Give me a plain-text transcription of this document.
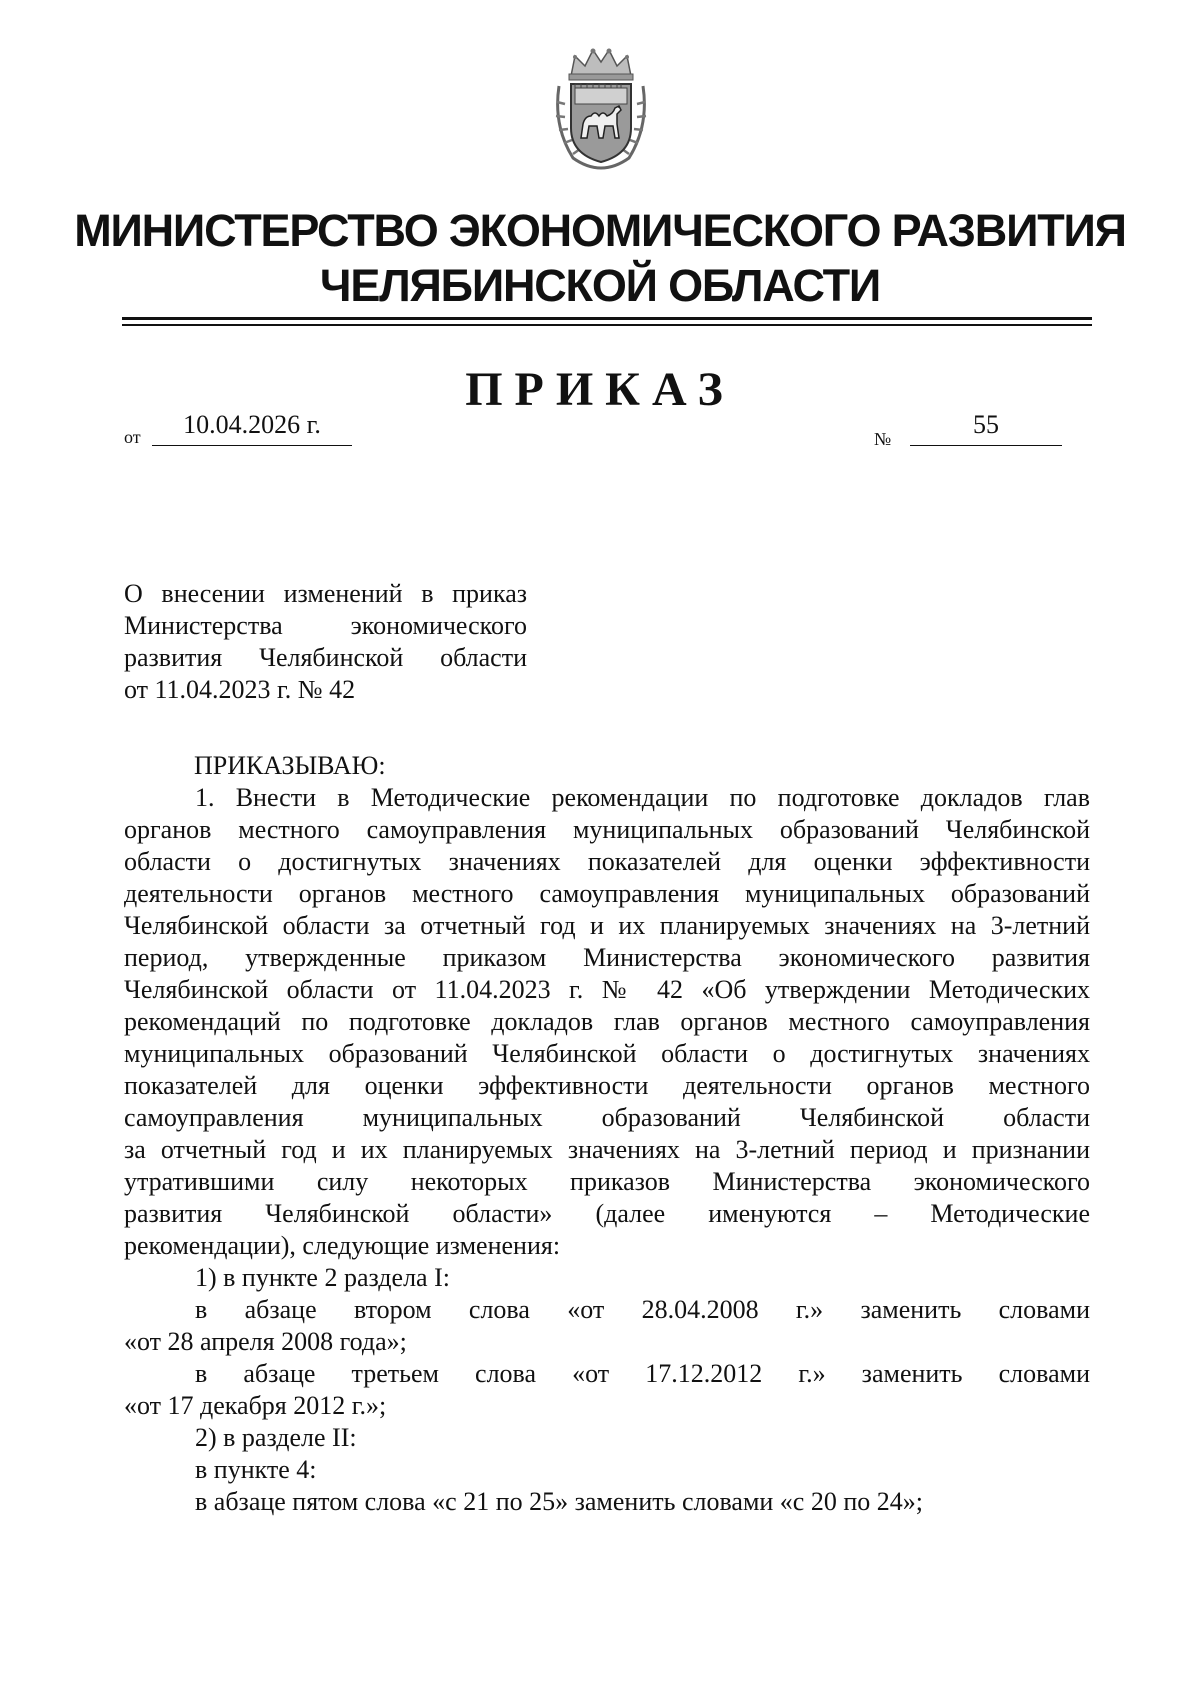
МИНИСТЕРСТВО ЭКОНОМИЧЕСКОГО РАЗВИТИЯ
ЧЕЛЯБИНСКОЙ ОБЛАСТИ
ПРИКАЗ
от	10.04.2026 г.	№	55
О внесении изменений в приказ
Министерства экономического
развития Челябинской области
от 11.04.2023 г. № 42
ПРИКАЗЫВАЮ:
1. Внести в Методические рекомендации по подготовке докладов глав
органов местного самоуправления муниципальных образований Челябинской
области о достигнутых значениях показателей для оценки эффективности
деятельности органов местного самоуправления муниципальных образований
Челябинской области за отчетный год и их планируемых значениях на 3-летний
период, утвержденные приказом Министерства экономического развития
Челябинской области от 11.04.2023 г. № 42 «Об утверждении Методических
рекомендаций по подготовке докладов глав органов местного самоуправления
муниципальных образований Челябинской области о достигнутых значениях
показателей для оценки эффективности деятельности органов местного
самоуправления муниципальных образований Челябинской области
за отчетный год и их планируемых значениях на 3-летний период и признании
утратившими силу некоторых приказов Министерства экономического
развития Челябинской области» (далее именуются – Методические
рекомендации), следующие изменения:
1) в пункте 2 раздела I:
в абзаце втором слова «от 28.04.2008 г.» заменить словами
«от 28 апреля 2008 года»;
в абзаце третьем слова «от 17.12.2012 г.» заменить словами
«от 17 декабря 2012 г.»;
2) в разделе II:
в пункте 4:
в абзаце пятом слова «с 21 по 25» заменить словами «с 20 по 24»;
